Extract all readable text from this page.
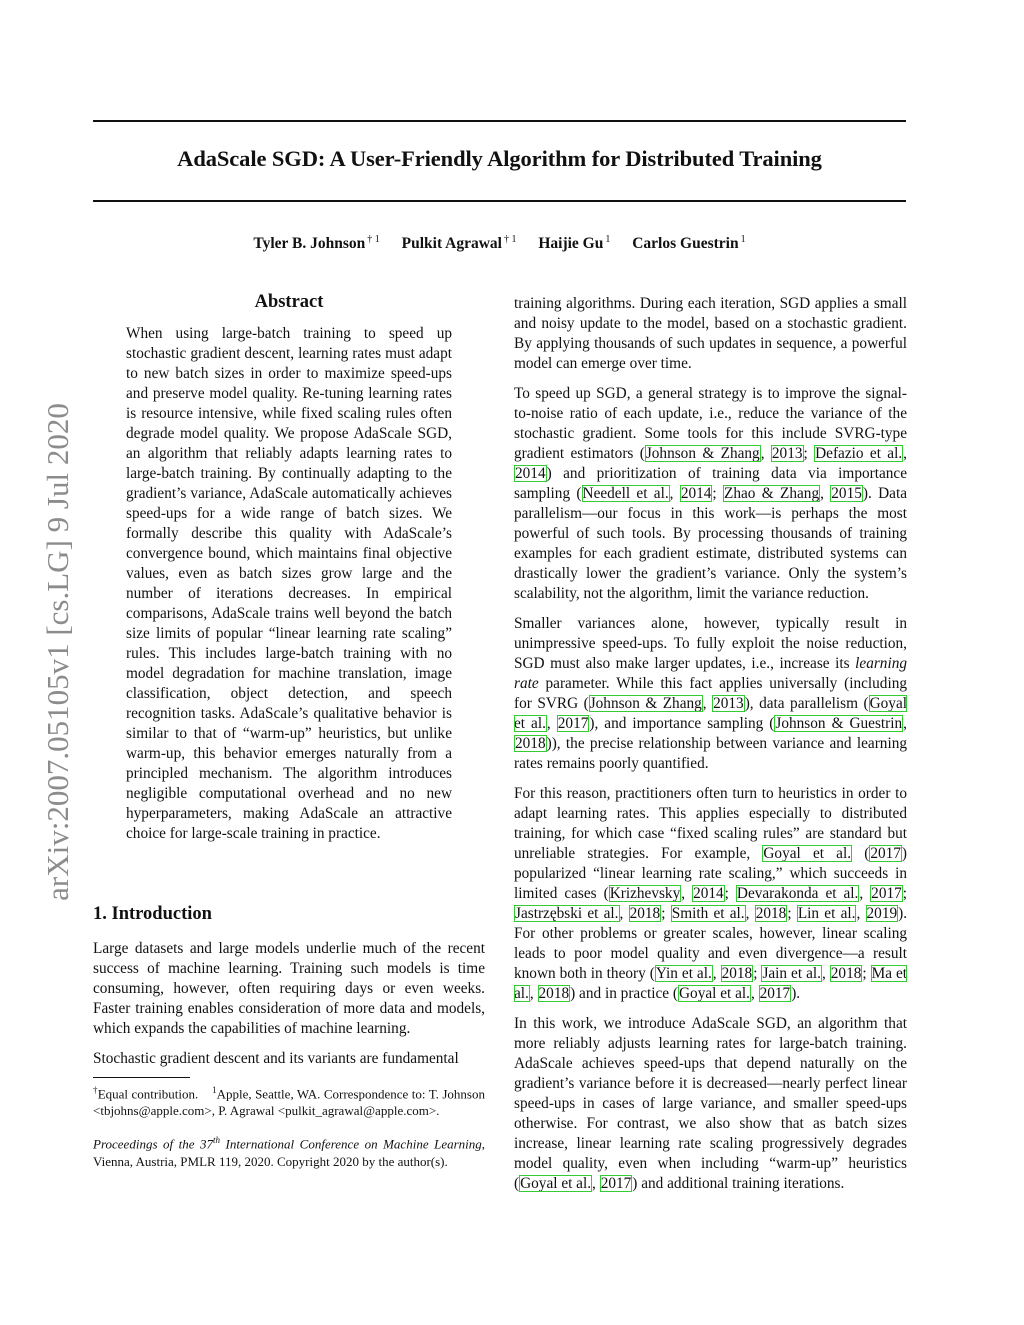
AdaScale SGD: A User-Friendly Algorithm for Distributed Training
Tyler B. Johnson $^{\dagger 1}$ Pulkit Agrawal $^{\dagger 1}$ Haijie Gu $^1$ Carlos Guestrin $^1$
arXiv:2007.05105v1 [cs.LG] 9 Jul 2020
Abstract

When using large-batch training to speed up stochastic gradient descent, learning rates must adapt to new batch sizes in order to maximize speed-ups and preserve model quality. Re-tuning learning rates is resource intensive, while fixed scaling rules often degrade model quality. We propose AdaScale SGD, an algorithm that reliably adapts learning rates to large-batch training. By continually adapting to the gradient’s variance, AdaScale automatically achieves speed-ups for a wide range of batch sizes. We formally describe this quality with AdaScale’s convergence bound, which maintains final objective values, even as batch sizes grow large and the number of iterations decreases. In empirical comparisons, AdaScale trains well beyond the batch size limits of popular “linear learning rate scaling” rules. This includes large-batch training with no model degradation for machine translation, image classification, object detection, and speech recognition tasks. AdaScale’s qualitative behavior is similar to that of “warm-up” heuristics, but unlike warm-up, this behavior emerges naturally from a principled mechanism. The algorithm introduces negligible computational overhead and no new hyperparameters, making AdaScale an attractive choice for large-scale training in practice.

1. Introduction

Large datasets and large models underlie much of the recent success of machine learning. Training such models is time consuming, however, often requiring days or even weeks. Faster training enables consideration of more data and models, which expands the capabilities of machine learning.

Stochastic gradient descent and its variants are fundamental

†Equal contribution. $^1$Apple, Seattle, WA. Correspondence to: T. Johnson <tbjohns@apple.com>, P. Agrawal <pulkit_agrawal@apple.com>.

Proceedings of the 37th International Conference on Machine Learning, Vienna, Austria, PMLR 119, 2020. Copyright 2020 by the author(s).

training algorithms. During each iteration, SGD applies a small and noisy update to the model, based on a stochastic gradient. By applying thousands of such updates in sequence, a powerful model can emerge over time.

To speed up SGD, a general strategy is to improve the signal-to-noise ratio of each update, i.e., reduce the variance of the stochastic gradient. Some tools for this include SVRG-type gradient estimators (Johnson & Zhang, 2013; Defazio et al., 2014) and prioritization of training data via importance sampling (Needell et al., 2014; Zhao & Zhang, 2015). Data parallelism—our focus in this work—is perhaps the most powerful of such tools. By processing thousands of training examples for each gradient estimate, distributed systems can drastically lower the gradient’s variance. Only the system’s scalability, not the algorithm, limit the variance reduction.

Smaller variances alone, however, typically result in unimpressive speed-ups. To fully exploit the noise reduction, SGD must also make larger updates, i.e., increase its learning rate parameter. While this fact applies universally (including for SVRG (Johnson & Zhang, 2013), data parallelism (Goyal et al., 2017), and importance sampling (Johnson & Guestrin, 2018)), the precise relationship between variance and learning rates remains poorly quantified.

For this reason, practitioners often turn to heuristics in order to adapt learning rates. This applies especially to distributed training, for which case “fixed scaling rules” are standard but unreliable strategies. For example, Goyal et al. (2017) popularized “linear learning rate scaling,” which succeeds in limited cases (Krizhevsky, 2014; Devarakonda et al., 2017; Jastrzębski et al., 2018; Smith et al., 2018; Lin et al., 2019). For other problems or greater scales, however, linear scaling leads to poor model quality and even divergence—a result known both in theory (Yin et al., 2018; Jain et al., 2018; Ma et al., 2018) and in practice (Goyal et al., 2017).

In this work, we introduce AdaScale SGD, an algorithm that more reliably adjusts learning rates for large-batch training. AdaScale achieves speed-ups that depend naturally on the gradient’s variance before it is decreased—nearly perfect linear speed-ups in cases of large variance, and smaller speed-ups otherwise. For contrast, we also show that as batch sizes increase, linear learning rate scaling progressively degrades model quality, even when including “warm-up” heuristics (Goyal et al., 2017) and additional training iterations.
